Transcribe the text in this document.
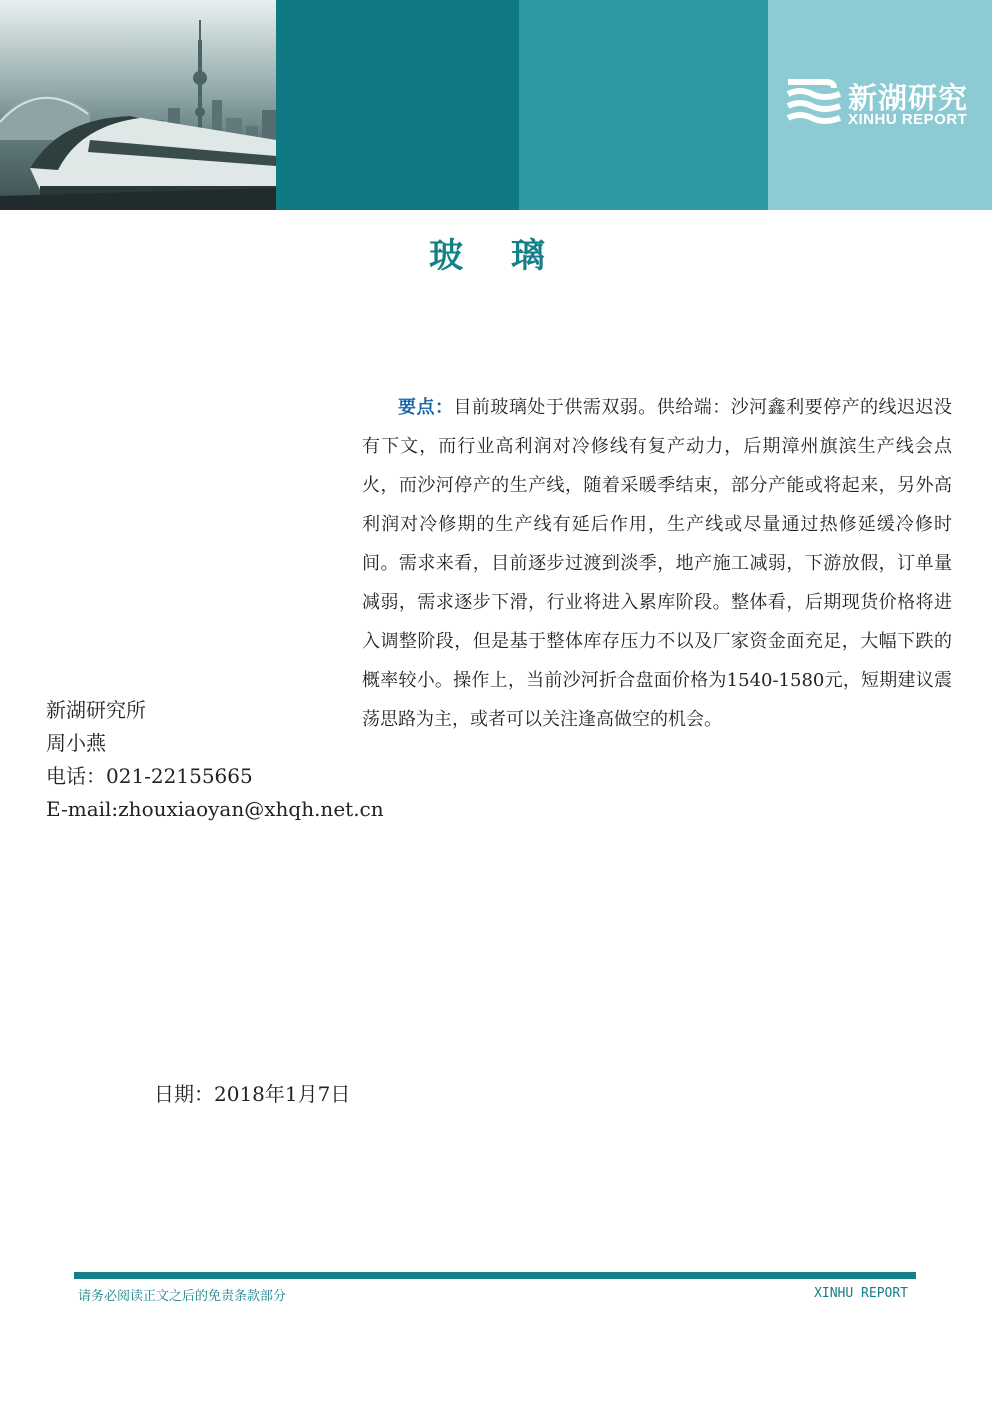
新湖研究
XINHU REPORT
玻 璃
要点：目前玻璃处于供需双弱。供给端：沙河鑫利要停产的线迟迟没有下文，而行业高利润对冷修线有复产动力，后期漳州旗滨生产线会点火，而沙河停产的生产线，随着采暖季结束，部分产能或将起来，另外高利润对冷修期的生产线有延后作用，生产线或尽量通过热修延缓冷修时间。需求来看，目前逐步过渡到淡季，地产施工减弱，下游放假，订单量减弱，需求逐步下滑，行业将进入累库阶段。整体看，后期现货价格将进入调整阶段，但是基于整体库存压力不以及厂家资金面充足，大幅下跌的概率较小。操作上，当前沙河折合盘面价格为1540-1580元，短期建议震荡思路为主，或者可以关注逢高做空的机会。
新湖研究所
周小燕
电话：021-22155665
E-mail:zhouxiaoyan@xhqh.net.cn
日期：2018年1月7日
请务必阅读正文之后的免责条款部分	XINHU REPORT
